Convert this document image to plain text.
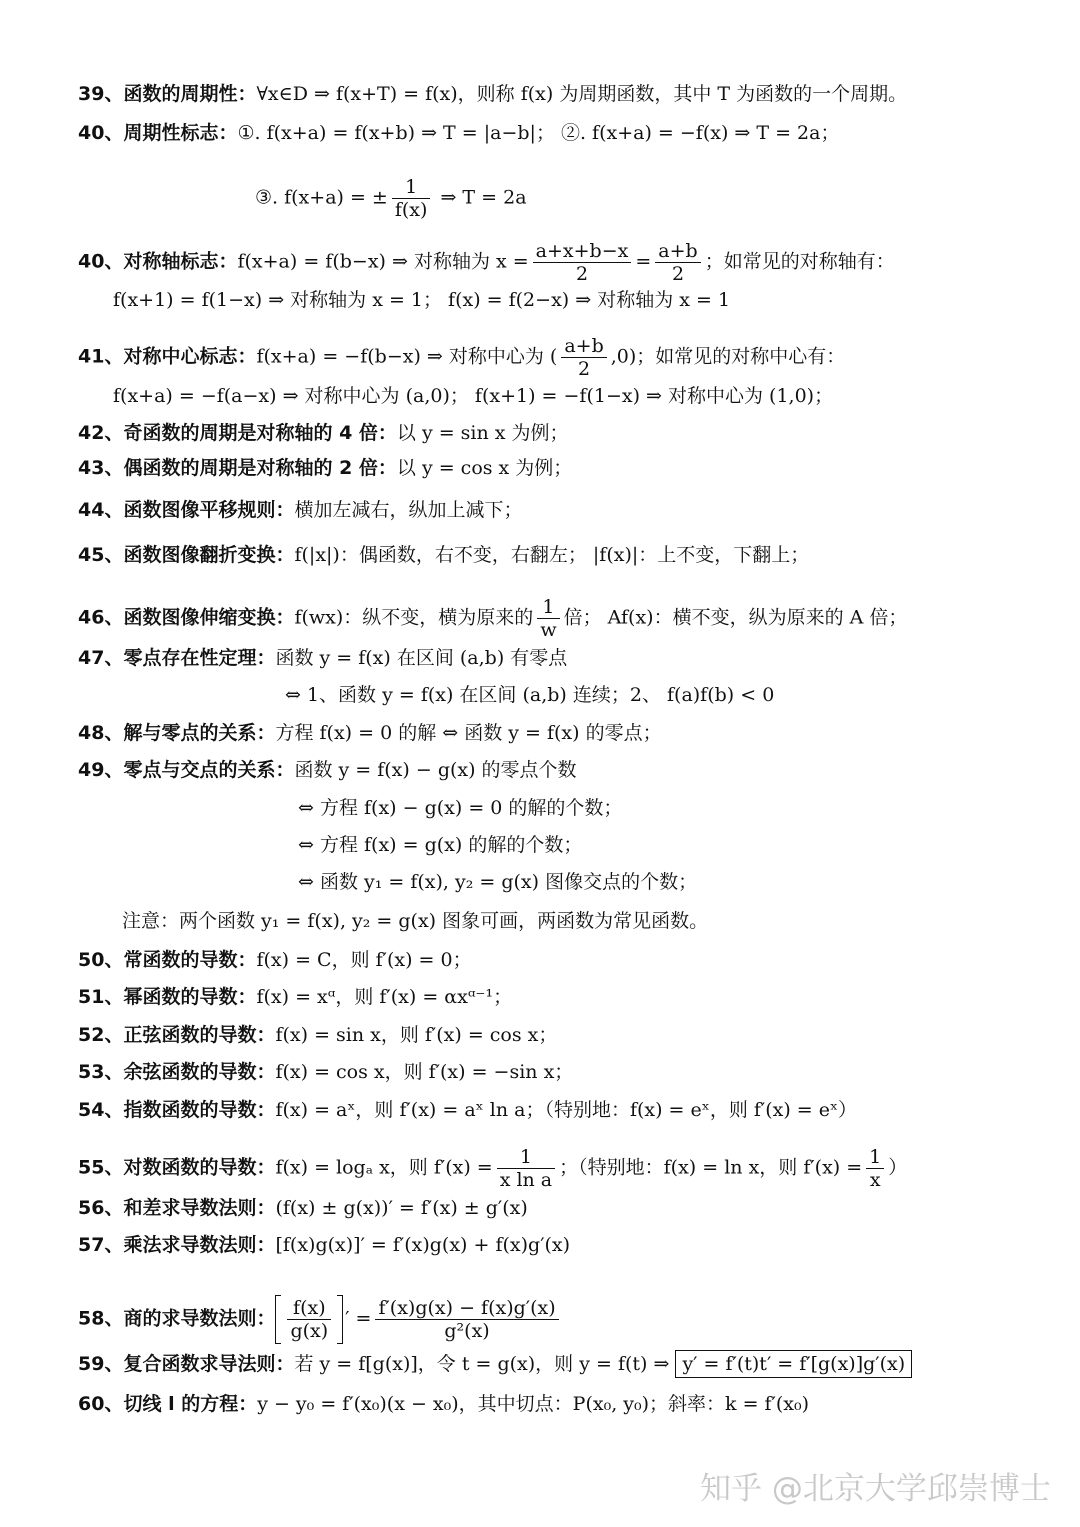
39、函数的周期性：∀x∈D ⇒ f(x+T) = f(x)，则称 f(x) 为周期函数，其中 T 为函数的一个周期。
40、周期性标志：①. f(x+a) = f(x+b) ⇒ T = |a−b|； ②. f(x+a) = −f(x) ⇒ T = 2a；
③. f(x+a) = ± $\frac{1}{f(x)}$ ⇒ T = 2a
40、对称轴标志：f(x+a) = f(b−x) ⇒ 对称轴为 $x = \frac{a+x+b-x}{2} = \frac{a+b}{2}$ ；如常见的对称轴有：
f(x+1) = f(1−x) ⇒ 对称轴为 x = 1； f(x) = f(2−x) ⇒ 对称轴为 x = 1
41、对称中心标志：f(x+a) = −f(b−x) ⇒ 对称中心为 ( $\frac{a+b}{2} ,0$)；如常见的对称中心有：
f(x+a) = −f(a−x) ⇒ 对称中心为 (a,0)； f(x+1) = −f(1−x) ⇒ 对称中心为 (1,0)；
42、奇函数的周期是对称轴的 4 倍：以 y = sin x 为例；
43、偶函数的周期是对称轴的 2 倍：以 y = cos x 为例；
44、函数图像平移规则：横加左减右，纵加上减下；
45、函数图像翻折变换：f(|x|)：偶函数，右不变，右翻左； |f(x)|：上不变，下翻上；
46、函数图像伸缩变换：f(wx)：纵不变，横为原来的 $\frac{1}{w}$ 倍； Af(x)：横不变，纵为原来的 A 倍；
47、零点存在性定理：函数 y = f(x) 在区间 (a,b) 有零点
⇔ 1、函数 y = f(x) 在区间 (a,b) 连续；2、 f(a)f(b) < 0
48、解与零点的关系：方程 f(x) = 0 的解 ⇔ 函数 y = f(x) 的零点；
49、零点与交点的关系：函数 y = f(x) − g(x) 的零点个数
⇔ 方程 f(x) − g(x) = 0 的解的个数；
⇔ 方程 f(x) = g(x) 的解的个数；
⇔ 函数 y₁ = f(x), y₂ = g(x) 图像交点的个数；
注意：两个函数 y₁ = f(x), y₂ = g(x) 图象可画，两函数为常见函数。
50、常函数的导数：f(x) = C，则 f′(x) = 0；
51、幂函数的导数：f(x) = xᵅ，则 f′(x) = αxᵅ⁻¹；
52、正弦函数的导数：f(x) = sin x，则 f′(x) = cos x；
53、余弦函数的导数：f(x) = cos x，则 f′(x) = −sin x；
54、指数函数的导数：f(x) = aˣ，则 f′(x) = aˣ ln a；（特别地：f(x) = eˣ，则 f′(x) = eˣ）
55、对数函数的导数：f(x) = logₐ x，则 $f'(x) = \frac{1}{\text{x ln a}}$ ；（特别地：f(x) = ln x，则 $f'(x) = \frac{1}{x}$ ）
56、和差求导数法则：(f(x) ± g(x))′ = f′(x) ± g′(x)
57、乘法求导数法则：[f(x)g(x)]′ = f′(x)g(x) + f(x)g′(x)
58、商的求导数法则： $\frac{f(x)}{g(x)}$ ′ = $\frac{f'(x)g(x) - f(x)g'(x)}{\text{g²(x)}}$
59、复合函数求导法则：若 y = f[g(x)]，令 t = g(x)，则 y = f(t) ⇒ y′ = f′(t)t′ = f′[g(x)]g′(x)
60、切线 l 的方程：y − y₀ = f′(x₀)(x − x₀)，其中切点：P(x₀, y₀)；斜率：k = f′(x₀)
知乎 @北京大学邱崇博士
